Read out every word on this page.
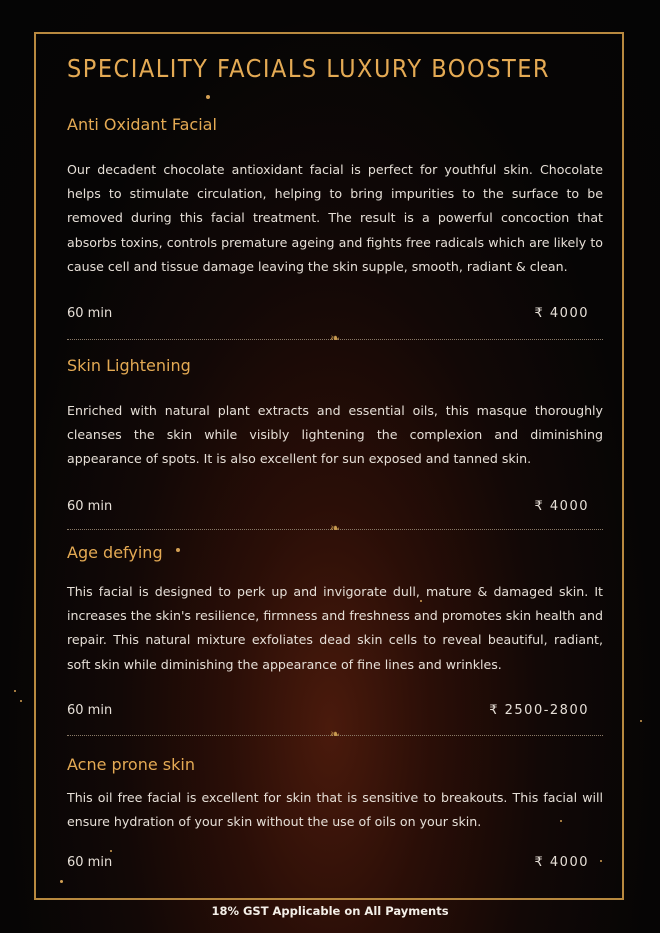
SPECIALITY FACIALS LUXURY BOOSTER
Anti Oxidant Facial

Our decadent chocolate antioxidant facial is perfect for youthful skin. Chocolate helps to stimulate circulation, helping to bring impurities to the surface to be removed during this facial treatment. The result is a powerful concoction that absorbs toxins, controls premature ageing and fights free radicals which are likely to cause cell and tissue damage leaving the skin supple, smooth, radiant & clean.

60 min	₹ 4000
❧
Skin Lightening

Enriched with natural plant extracts and essential oils, this masque thoroughly cleanses the skin while visibly lightening the complexion and diminishing appearance of spots. It is also excellent for sun exposed and tanned skin.

60 min	₹ 4000
❧
Age defying

This facial is designed to perk up and invigorate dull, mature & damaged skin. It increases the skin's resilience, firmness and freshness and promotes skin health and repair. This natural mixture exfoliates dead skin cells to reveal beautiful, radiant, soft skin while diminishing the appearance of fine lines and wrinkles.

60 min	₹ 2500-2800
❧
Acne prone skin

This oil free facial is excellent for skin that is sensitive to breakouts. This facial will ensure hydration of your skin without the use of oils on your skin.

60 min	₹ 4000
18% GST Applicable on All Payments
